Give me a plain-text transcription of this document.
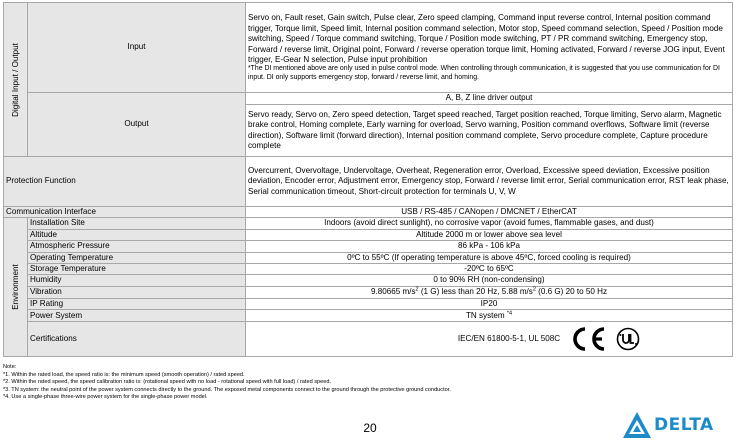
Digital Input / Output	Input	Servo on, Fault reset, Gain switch, Pulse clear, Zero speed clamping, Command input reverse control, Internal position command trigger, Torque limit, Speed limit, Internal position command selection, Motor stop, Speed command selection, Speed / Position mode switching, Speed / Torque command switching, Torque / Position mode switching, PT / PR command switching, Emergency stop, Forward / reverse limit, Original point, Forward / reverse operation torque limit, Homing activated, Forward / reverse JOG input, Event trigger, E-Gear N selection, Pulse input prohibition
*The DI mentioned above are only used in pulse control mode. When controlling through communication, it is suggested that you use communication for DI input. DI only supports emergency stop, forward / reverse limit, and homing.

	Output	A, B, Z line driver output
		Servo ready, Servo on, Zero speed detection, Target speed reached, Target position reached, Torque limiting, Servo alarm, Magnetic brake control, Homing complete, Early warning for overload, Servo warning, Position command overflows, Software limit (reverse direction), Software limit (forward direction), Internal position command complete, Servo procedure complete, Capture procedure complete
Protection Function		Overcurrent, Overvoltage, Undervoltage, Overheat, Regeneration error, Overload, Excessive speed deviation, Excessive position deviation, Encoder error, Adjustment error, Emergency stop, Forward / reverse limit error, Serial communication error, RST leak phase, Serial communication timeout, Short-circuit protection for terminals U, V, W
Communication Interface		USB / RS-485 / CANopen / DMCNET / EtherCAT

Environment	Installation Site	Indoors (avoid direct sunlight), no corrosive vapor (avoid fumes, flammable gases, and dust)
	Altitude	Altitude 2000 m or lower above sea level
	Atmospheric Pressure	86 kPa - 106 kPa
	Operating Temperature	0ºC to 55ºC (If operating temperature is above 45ºC, forced cooling is required)
	Storage Temperature	-20ºC to 65ºC
	Humidity	0 to 90% RH (non-condensing)
	Vibration	9.80665 $m/s^2$ (1 G) less than 20 Hz, 5.88 $m/s^2$ (0.6 G) 20 to 50 Hz
	IP Rating	IP20
	Power System	TN system $^{*4}$
	Certifications	IEC/EN 61800-5-1, UL 508C
Note:
*1. Within the rated load, the speed ratio is: the minimum speed (smooth operation) / rated speed.
*2. Within the rated speed, the speed calibration ratio is: (rotational speed with no load - rotational speed with full load) / rated speed.
*3. TN system: the neutral point of the power system connects directly to the ground. The exposed metal components connect to the ground through the protective ground conductor.
*4. Use a single-phase three-wire power system for the single-phase power model.
20	DELTA
